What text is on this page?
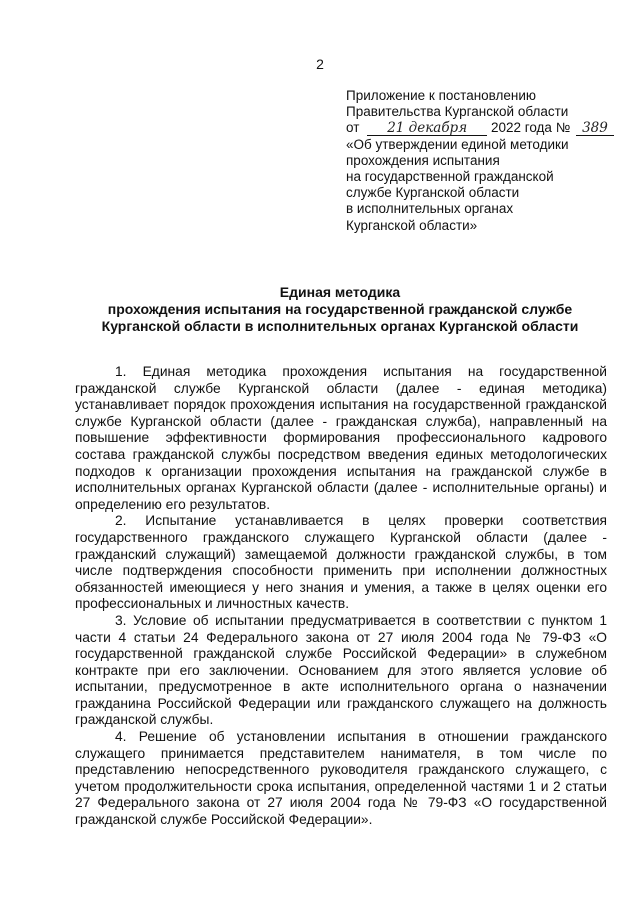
2
Приложение к постановлению
Правительства Курганской области
от 21 декабря 2022 года № 389
«Об утверждении единой методики
прохождения испытания
на государственной гражданской
службе Курганской области
в исполнительных органах
Курганской области»
Единая методика
прохождения испытания на государственной гражданской службе
Курганской области в исполнительных органах Курганской области

1. Единая методика прохождения испытания на государственной гражданской службе Курганской области (далее - единая методика) устанавливает порядок прохождения испытания на государственной гражданской службе Курганской области (далее - гражданская служба), направленный на повышение эффективности формирования профессионального кадрового состава гражданской службы посредством введения единых методологических подходов к организации прохождения испытания на гражданской службе в исполнительных органах Курганской области (далее - исполнительные органы) и определению его результатов.

2. Испытание устанавливается в целях проверки соответствия государственного гражданского служащего Курганской области (далее - гражданский служащий) замещаемой должности гражданской службы, в том числе подтверждения способности применить при исполнении должностных обязанностей имеющиеся у него знания и умения, а также в целях оценки его профессиональных и личностных качеств.

3. Условие об испытании предусматривается в соответствии с пунктом 1 части 4 статьи 24 Федерального закона от 27 июля 2004 года № 79-ФЗ «О государственной гражданской службе Российской Федерации» в служебном контракте при его заключении. Основанием для этого является условие об испытании, предусмотренное в акте исполнительного органа о назначении гражданина Российской Федерации или гражданского служащего на должность гражданской службы.

4. Решение об установлении испытания в отношении гражданского служащего принимается представителем нанимателя, в том числе по представлению непосредственного руководителя гражданского служащего, с учетом продолжительности срока испытания, определенной частями 1 и 2 статьи 27 Федерального закона от 27 июля 2004 года № 79-ФЗ «О государственной гражданской службе Российской Федерации».
